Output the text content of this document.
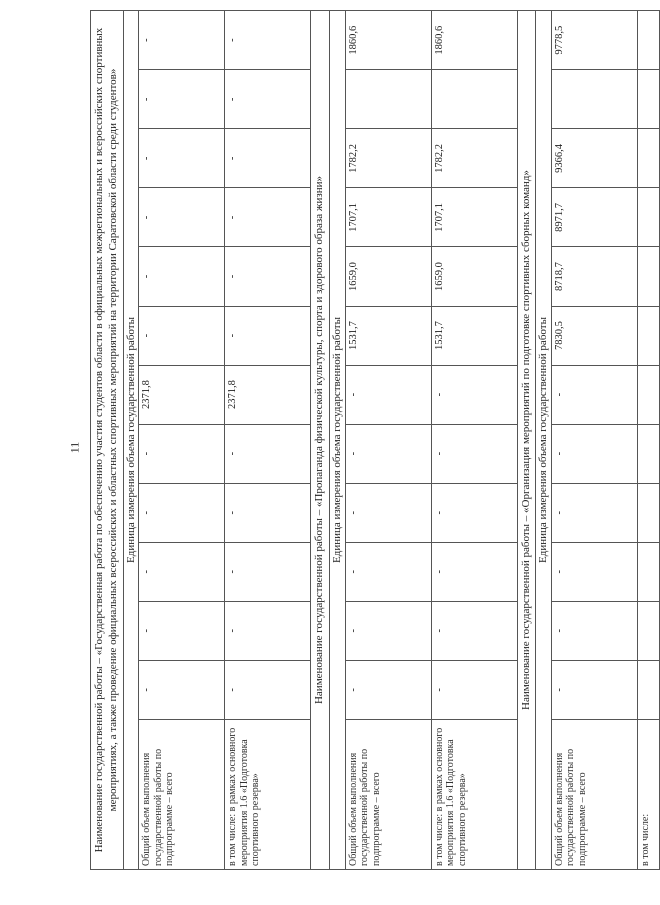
11 Наименование государственной работы – «Государственная работа по обеспечению участия студентов области в официальных межрегиональных и всероссийских спортивных мероприятиях, а также проведение официальных всероссийских и областных спортивных мероприятий на территории Саратовской области среди студентов»												
Единица измерения объема государственной работы												
Общий объем выполнения государственной работы по подпрограмме – всего	-	-	-	-	-	2371,8	-	-	-	-	-	-
в том числе: в рамках основного мероприятия 1.6 «Подготовка спортивного резерва»	-	-	-	-	-	2371,8	-	-	-	-	-	-
Наименование государственной работы – «Пропаганда физической культуры, спорта и здорового образа жизни»												
Единица измерения объема государственной работы												
Общий объем выполнения государственной работы по подпрограмме – всего	-	-	-	-	-	-	1531,7	1659,0	1707,1	1782,2		1860,6
в том числе: в рамках основного мероприятия 1.6 «Подготовка спортивного резерва»	-	-	-	-	-	-	1531,7	1659,0	1707,1	1782,2		1860,6
Наименование государственной работы – «Организация мероприятий по подготовке спортивных сборных команд»												
Единица измерения объема государственной работы												
Общий объем выполнения государственной работы по подпрограмме – всего	-	-	-	-	-	-	7830,5	8718,7	8971,7	9366,4		9778,5
в том числе:												
